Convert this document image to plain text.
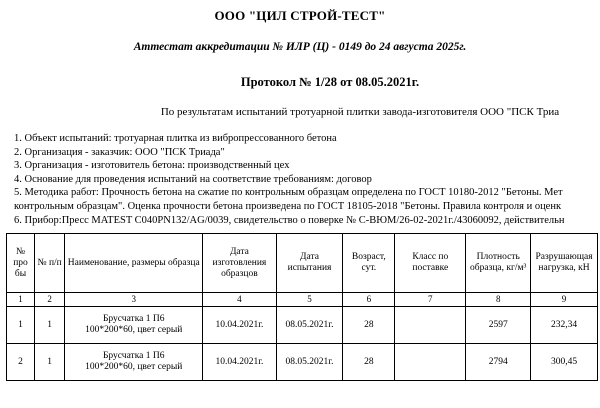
ООО "ЦИЛ СТРОЙ-ТЕСТ"
Аттестат аккредитации № ИЛР (Ц) - 0149 до 24 августа 2025г.
Протокол № 1/28 от 08.05.2021г.
По результатам испытаний тротуарной плитки завода-изготовителя ООО "ПСК Триа
1. Объект испытаний: тротуарная плитка из вибропрессованного бетона
2. Организация - заказчик: ООО "ПСК Триада"
3. Организация - изготовитель бетона: производственный цех
4. Основание для проведения испытаний на соответствие требованиям: договор
5. Методика работ: Прочность бетона на сжатие по контрольным образцам определена по ГОСТ 10180-2012 "Бетоны. Мет
контрольным образцам". Оценка прочности бетона произведена по ГОСТ 18105-2018 "Бетоны. Правила контроля и оценк
6. Прибор:Пресс MATEST C040PN132/AG/0039, свидетельство о поверке № С-ВЮМ/26-02-2021г./43060092, действительн
№ про бы	№ п/п	Наименование, размеры образца	Дата изготовления образцов	Дата испытания	Возраст, сут.	Класс по поставке	Плотность образца, кг/м³	Разрушающая нагрузка, кН
1	2	3	4	5	6	7	8	9
1	1	Брусчатка 1 П6
100*200*60, цвет серый	10.04.2021г.	08.05.2021г.	28		2597	232,34
2	1	Брусчатка 1 П6
100*200*60, цвет серый	10.04.2021г.	08.05.2021г.	28		2794	300,45
